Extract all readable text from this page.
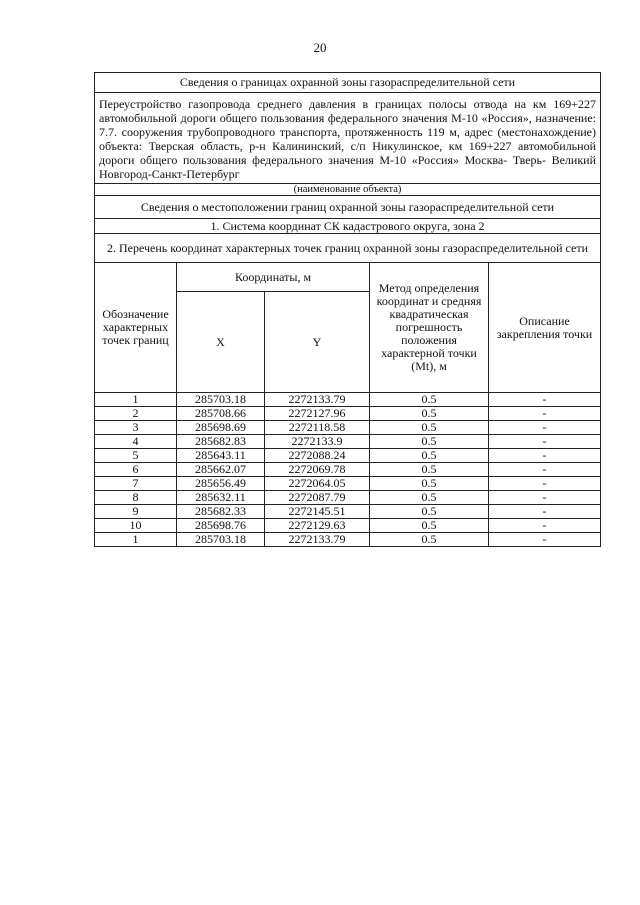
20
Сведения о границах охранной зоны газораспределительной сети				
Переустройство газопровода среднего давления в границах полосы отвода на км 169+227 автомобильной дороги общего пользования федерального значения М-10 «Россия», назначение: 7.7. сооружения трубопроводного транспорта, протяженность 119 м, адрес (местонахождение) объекта: Тверская область, р-н Калининский, с/п Никулинское, км 169+227 автомобильной дороги общего пользования федерального значения М-10 «Россия» Москва- Тверь- Великий Новгород-Санкт-Петербург				
(наименование объекта)				
Сведения о местоположении границ охранной зоны газораспределительной сети				
1. Система координат СК кадастрового округа, зона 2				
2. Перечень координат характерных точек границ охранной зоны газораспределительной сети				
Обозначение характерных точек границ	Координаты, м		Метод определения координат и средняя квадратическая погрешность положения характерной точки (Mt), м	Описание закрепления точки
	X	Y		
1	285703.18	2272133.79	0.5	-
2	285708.66	2272127.96	0.5	-
3	285698.69	2272118.58	0.5	-
4	285682.83	2272133.9	0.5	-
5	285643.11	2272088.24	0.5	-
6	285662.07	2272069.78	0.5	-
7	285656.49	2272064.05	0.5	-
8	285632.11	2272087.79	0.5	-
9	285682.33	2272145.51	0.5	-
10	285698.76	2272129.63	0.5	-
1	285703.18	2272133.79	0.5	-
